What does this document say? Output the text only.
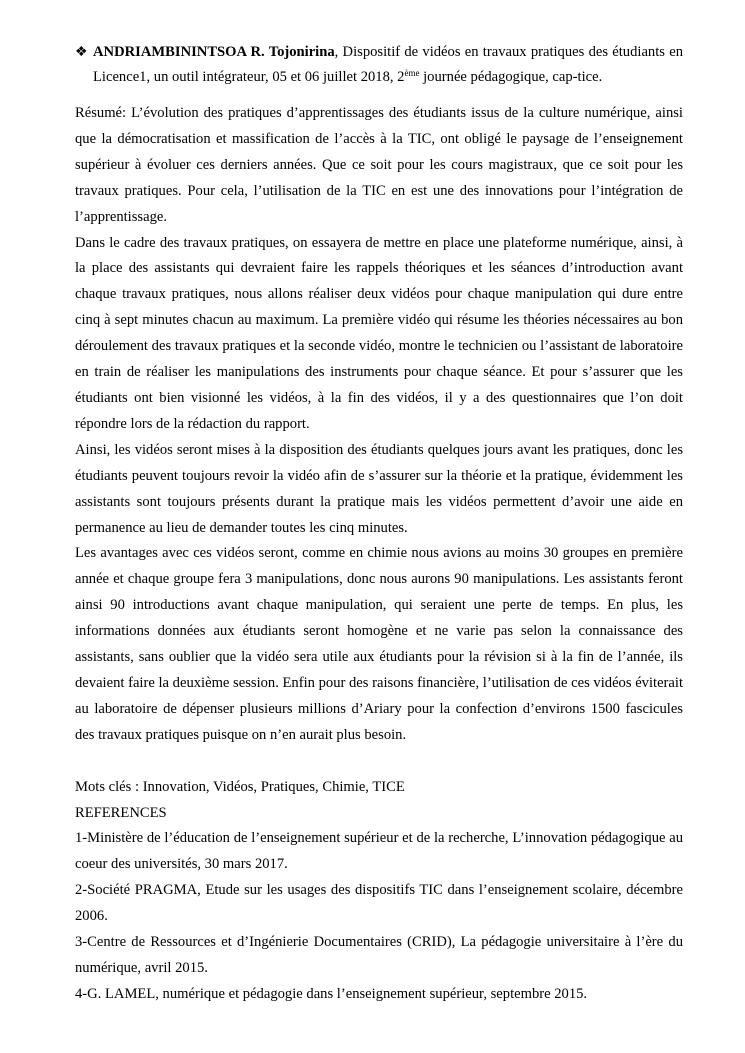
❖ ANDRIAMBININTSOA R. Tojonirina, Dispositif de vidéos en travaux pratiques des étudiants en Licence1, un outil intégrateur, 05 et 06 juillet 2018, 2ème journée pédagogique, cap-tice.

Résumé: L’évolution des pratiques d’apprentissages des étudiants issus de la culture numérique, ainsi que la démocratisation et massification de l’accès à la TIC, ont obligé le paysage de l’enseignement supérieur à évoluer ces derniers années. Que ce soit pour les cours magistraux, que ce soit pour les travaux pratiques. Pour cela, l’utilisation de la TIC en est une des innovations pour l’intégration de l’apprentissage.

Dans le cadre des travaux pratiques, on essayera de mettre en place une plateforme numérique, ainsi, à la place des assistants qui devraient faire les rappels théoriques et les séances d’introduction avant chaque travaux pratiques, nous allons réaliser deux vidéos pour chaque manipulation qui dure entre cinq à sept minutes chacun au maximum. La première vidéo qui résume les théories nécessaires au bon déroulement des travaux pratiques et la seconde vidéo, montre le technicien ou l’assistant de laboratoire en train de réaliser les manipulations des instruments pour chaque séance. Et pour s’assurer que les étudiants ont bien visionné les vidéos, à la fin des vidéos, il y a des questionnaires que l’on doit répondre lors de la rédaction du rapport.

Ainsi, les vidéos seront mises à la disposition des étudiants quelques jours avant les pratiques, donc les étudiants peuvent toujours revoir la vidéo afin de s’assurer sur la théorie et la pratique, évidemment les assistants sont toujours présents durant la pratique mais les vidéos permettent d’avoir une aide en permanence au lieu de demander toutes les cinq minutes.

Les avantages avec ces vidéos seront, comme en chimie nous avions au moins 30 groupes en première année et chaque groupe fera 3 manipulations, donc nous aurons 90 manipulations. Les assistants feront ainsi 90 introductions avant chaque manipulation, qui seraient une perte de temps. En plus, les informations données aux étudiants seront homogène et ne varie pas selon la connaissance des assistants, sans oublier que la vidéo sera utile aux étudiants pour la révision si à la fin de l’année, ils devaient faire la deuxième session. Enfin pour des raisons financière, l’utilisation de ces vidéos éviterait au laboratoire de dépenser plusieurs millions d’Ariary pour la confection d’environs 1500 fascicules des travaux pratiques puisque on n’en aurait plus besoin.

Mots clés : Innovation, Vidéos, Pratiques, Chimie, TICE

REFERENCES

1-Ministère de l’éducation de l’enseignement supérieur et de la recherche, L’innovation pédagogique au coeur des universités, 30 mars 2017.

2-Société PRAGMA, Etude sur les usages des dispositifs TIC dans l’enseignement scolaire, décembre 2006.

3-Centre de Ressources et d’Ingénierie Documentaires (CRID), La pédagogie universitaire à l’ère du numérique, avril 2015.

4-G. LAMEL, numérique et pédagogie dans l’enseignement supérieur, septembre 2015.
